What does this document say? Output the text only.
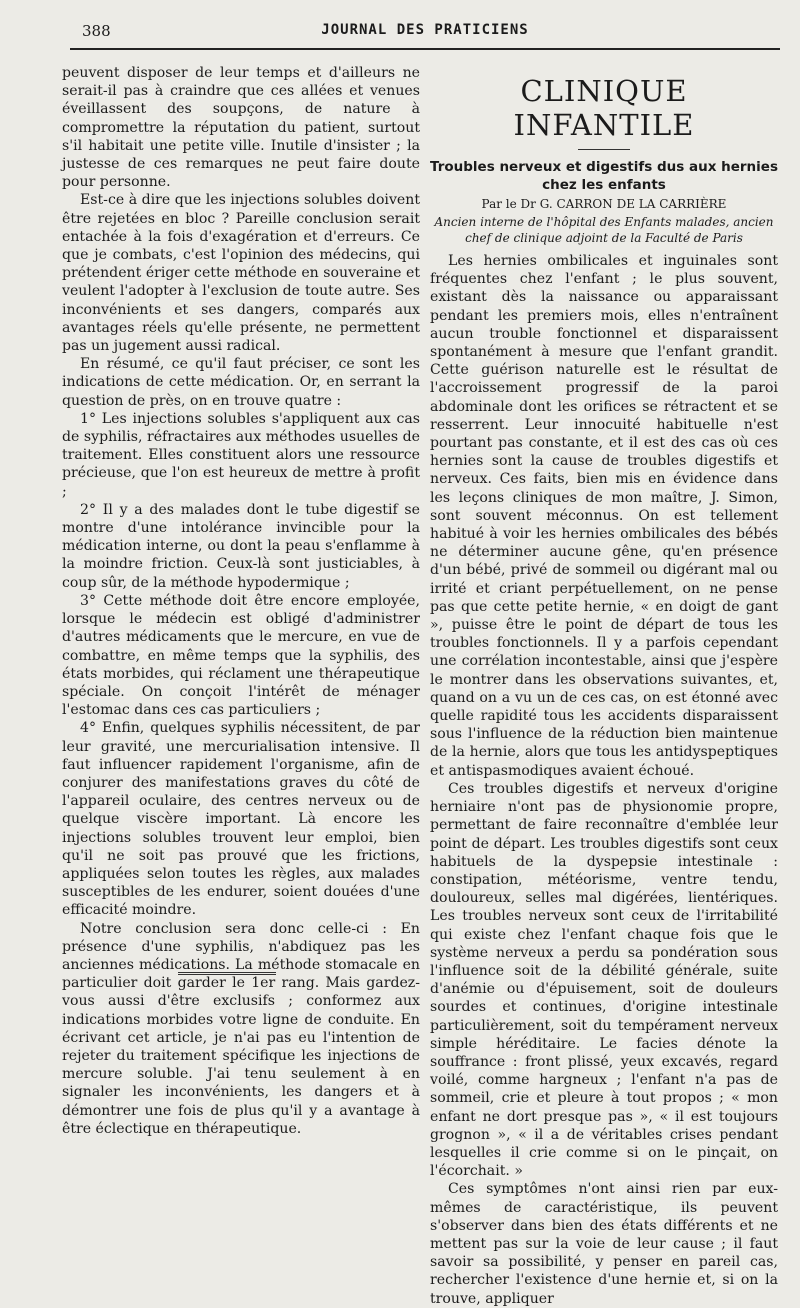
388	JOURNAL DES PRATICIENS

peuvent disposer de leur temps et d'ailleurs ne serait-il pas à craindre que ces allées et venues éveillassent des soupçons, de nature à compromettre la réputation du patient, surtout s'il habitait une petite ville. Inutile d'insister ; la justesse de ces remarques ne peut faire doute pour personne.

Est-ce à dire que les injections solubles doivent être rejetées en bloc ? Pareille conclusion serait entachée à la fois d'exagération et d'erreurs. Ce que je combats, c'est l'opinion des médecins, qui prétendent ériger cette méthode en souveraine et veulent l'adopter à l'exclusion de toute autre. Ses inconvénients et ses dangers, comparés aux avantages réels qu'elle présente, ne permettent pas un jugement aussi radical.

En résumé, ce qu'il faut préciser, ce sont les indications de cette médication. Or, en serrant la question de près, on en trouve quatre :

1° Les injections solubles s'appliquent aux cas de syphilis, réfractaires aux méthodes usuelles de traitement. Elles constituent alors une ressource précieuse, que l'on est heureux de mettre à profit ;

2° Il y a des malades dont le tube digestif se montre d'une intolérance invincible pour la médication interne, ou dont la peau s'enflamme à la moindre friction. Ceux-là sont justiciables, à coup sûr, de la méthode hypodermique ;

3° Cette méthode doit être encore employée, lorsque le médecin est obligé d'administrer d'autres médicaments que le mercure, en vue de combattre, en même temps que la syphilis, des états morbides, qui réclament une thérapeutique spéciale. On conçoit l'intérêt de ménager l'estomac dans ces cas particuliers ;

4° Enfin, quelques syphilis nécessitent, de par leur gravité, une mercurialisation intensive. Il faut influencer rapidement l'organisme, afin de conjurer des manifestations graves du côté de l'appareil oculaire, des centres nerveux ou de quelque viscère important. Là encore les injections solubles trouvent leur emploi, bien qu'il ne soit pas prouvé que les frictions, appliquées selon toutes les règles, aux malades susceptibles de les endurer, soient douées d'une efficacité moindre.

Notre conclusion sera donc celle-ci : En présence d'une syphilis, n'abdiquez pas les anciennes médications. La méthode stomacale en particulier doit garder le 1er rang. Mais gardez-vous aussi d'être exclusifs ; conformez aux indications morbides votre ligne de conduite. En écrivant cet article, je n'ai pas eu l'intention de rejeter du traitement spécifique les injections de mercure soluble. J'ai tenu seulement à en signaler les inconvénients, les dangers et à démontrer une fois de plus qu'il y a avantage à être éclectique en thérapeutique.

CLINIQUE INFANTILE
Troubles nerveux et digestifs dus aux hernies chez les enfants
Par le Dr G. CARRON DE LA CARRIÈRE
Ancien interne de l'hôpital des Enfants malades, ancien chef de clinique adjoint de la Faculté de Paris

Les hernies ombilicales et inguinales sont fréquentes chez l'enfant ; le plus souvent, existant dès la naissance ou apparaissant pendant les premiers mois, elles n'entraînent aucun trouble fonctionnel et disparaissent spontanément à mesure que l'enfant grandit. Cette guérison naturelle est le résultat de l'accroissement progressif de la paroi abdominale dont les orifices se rétractent et se resserrent. Leur innocuité habituelle n'est pourtant pas constante, et il est des cas où ces hernies sont la cause de troubles digestifs et nerveux. Ces faits, bien mis en évidence dans les leçons cliniques de mon maître, J. Simon, sont souvent méconnus. On est tellement habitué à voir les hernies ombilicales des bébés ne déterminer aucune gêne, qu'en présence d'un bébé, privé de sommeil ou digérant mal ou irrité et criant perpétuellement, on ne pense pas que cette petite hernie, « en doigt de gant », puisse être le point de départ de tous les troubles fonctionnels. Il y a parfois cependant une corrélation incontestable, ainsi que j'espère le montrer dans les observations suivantes, et, quand on a vu un de ces cas, on est étonné avec quelle rapidité tous les accidents disparaissent sous l'influence de la réduction bien maintenue de la hernie, alors que tous les antidyspeptiques et antispasmodiques avaient échoué.

Ces troubles digestifs et nerveux d'origine herniaire n'ont pas de physionomie propre, permettant de faire reconnaître d'emblée leur point de départ. Les troubles digestifs sont ceux habituels de la dyspepsie intestinale : constipation, météorisme, ventre tendu, douloureux, selles mal digérées, lientériques. Les troubles nerveux sont ceux de l'irritabilité qui existe chez l'enfant chaque fois que le système nerveux a perdu sa pondération sous l'influence soit de la débilité générale, suite d'anémie ou d'épuisement, soit de douleurs sourdes et continues, d'origine intestinale particulièrement, soit du tempérament nerveux simple héréditaire. Le facies dénote la souffrance : front plissé, yeux excavés, regard voilé, comme hargneux ; l'enfant n'a pas de sommeil, crie et pleure à tout propos ; « mon enfant ne dort presque pas », « il est toujours grognon », « il a de véritables crises pendant lesquelles il crie comme si on le pinçait, on l'écorchait. »

Ces symptômes n'ont ainsi rien par eux-mêmes de caractéristique, ils peuvent s'observer dans bien des états différents et ne mettent pas sur la voie de leur cause ; il faut savoir sa possibilité, y penser en pareil cas, rechercher l'existence d'une hernie et, si on la trouve, appliquer
